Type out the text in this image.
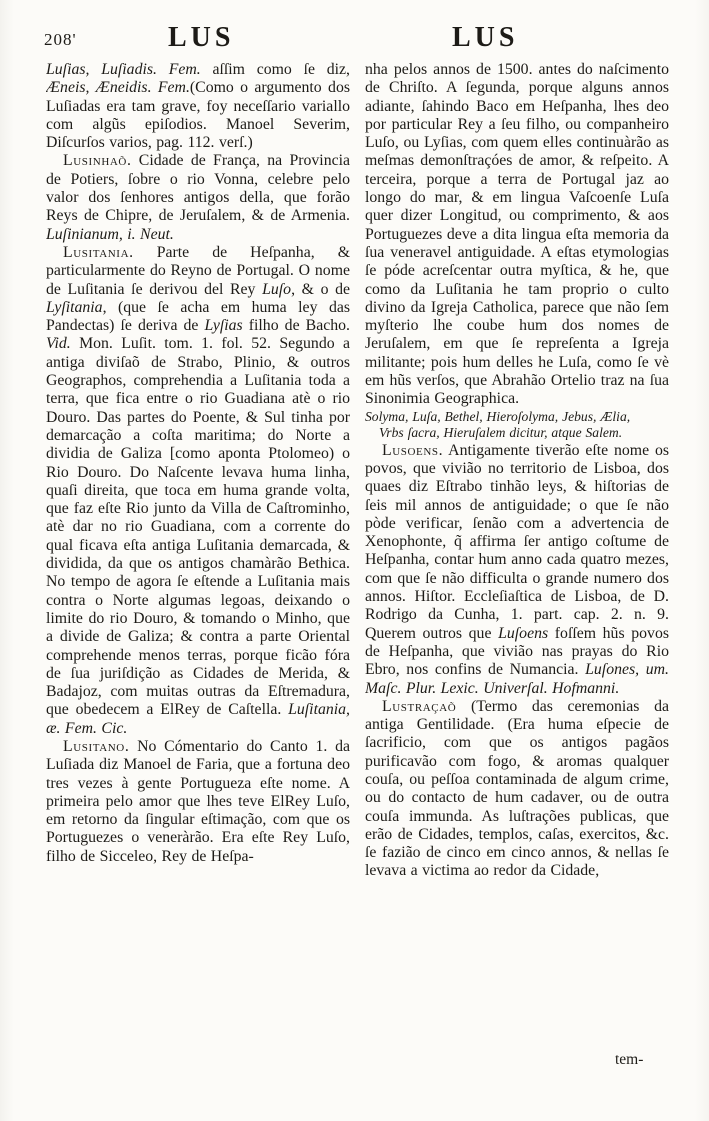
208'	LUS	LUS

Luſias, Luſiadis. Fem. aſſim como ſe diz, Æneis, Æneidis. Fem.(Como o argumento dos Luſiadas era tam grave, foy neceſſario variallo com algũs epiſodios. Manoel Severim, Diſcurſos varios, pag. 112. verſ.)

Lusinhaõ. Cidade de França, na Provincia de Potiers, ſobre o rio Vonna, celebre pelo valor dos ſenhores antigos della, que forão Reys de Chipre, de Jeruſalem, & de Armenia. Luſinianum, i. Neut.

Lusitania. Parte de Heſpanha, & particularmente do Reyno de Portugal. O nome de Luſitania ſe derivou del Rey Luſo, & o de Lyſitania, (que ſe acha em huma ley das Pandectas) ſe deriva de Lyſias filho de Bacho. Vid. Mon. Luſit. tom. 1. fol. 52. Segundo a antiga diviſaõ de Strabo, Plinio, & outros Geographos, comprehendia a Luſitania toda a terra, que fica entre o rio Guadiana atè o rio Douro. Das partes do Poente, & Sul tinha por demarcação a coſta maritima; do Norte a dividia de Galiza [como aponta Ptolomeo) o Rio Douro. Do Naſcente levava huma linha, quaſi direita, que toca em huma grande volta, que faz eſte Rio junto da Villa de Caſtrominho, atè dar no rio Guadiana, com a corrente do qual ficava eſta antiga Luſitania demarcada, & dividida, da que os antigos chamàrão Bethica. No tempo de agora ſe eſtende a Luſitania mais contra o Norte algumas legoas, deixando o limite do rio Douro, & tomando o Minho, que a divide de Galiza; & contra a parte Oriental comprehende menos terras, porque ficão fóra de ſua juriſdição as Cidades de Merida, & Badajoz, com muitas outras da Eſtremadura, que obedecem a ElRey de Caſtella. Luſitania, æ. Fem. Cic.

Lusitano. No Cómentario do Canto 1. da Luſiada diz Manoel de Faria, que a fortuna deo tres vezes à gente Portugueza eſte nome. A primeira pelo amor que lhes teve ElRey Luſo, em retorno da ſingular eſtimação, com que os Portuguezes o veneràrão. Era eſte Rey Luſo, filho de Sicceleo, Rey de Heſpa-

nha pelos annos de 1500. antes do naſcimento de Chriſto. A ſegunda, porque alguns annos adiante, ſahindo Baco em Heſpanha, lhes deo por particular Rey a ſeu filho, ou companheiro Luſo, ou Lyſias, com quem elles continuàrão as meſmas demonſtraçóes de amor, & reſpeito. A terceira, porque a terra de Portugal jaz ao longo do mar, & em lingua Vaſcoenſe Luſa quer dizer Longitud, ou comprimento, & aos Portuguezes deve a dita lingua eſta memoria da ſua veneravel antiguidade. A eſtas etymologias ſe póde acreſcentar outra myſtica, & he, que como da Luſitania he tam proprio o culto divino da Igreja Catholica, parece que não ſem myſterio lhe coube hum dos nomes de Jeruſalem, em que ſe repreſenta a Igreja militante; pois hum delles he Luſa, como ſe vè em hũs verſos, que Abrahão Ortelio traz na ſua Sinonimia Geographica.

Solyma, Luſa, Bethel, Hieroſolyma, Jebus, Ælia,
Vrbs ſacra, Hieruſalem dicitur, atque Salem.

Lusoens. Antigamente tiverão eſte nome os povos, que vivião no territorio de Lisboa, dos quaes diz Eſtrabo tinhão leys, & hiſtorias de ſeis mil annos de antiguidade; o que ſe não pòde verificar, ſenão com a advertencia de Xenophonte, q̃ affirma ſer antigo coſtume de Heſpanha, contar hum anno cada quatro mezes, com que ſe não difficulta o grande numero dos annos. Hiſtor. Eccleſiaſtica de Lisboa, de D. Rodrigo da Cunha, 1. part. cap. 2. n. 9. Querem outros que Luſoens foſſem hũs povos de Heſpanha, que vivião nas prayas do Rio Ebro, nos confins de Numancia. Luſones, um. Maſc. Plur. Lexic. Univerſal. Hofmanni.

Lustraçaõ (Termo das ceremonias da antiga Gentilidade. (Era huma eſpecie de ſacrificio, com que os antigos pagãos purificavão com fogo, & aromas qualquer couſa, ou peſſoa contaminada de algum crime, ou do contacto de hum cadaver, ou de outra couſa immunda. As luſtrações publicas, que erão de Cidades, templos, caſas, exercitos, &c. ſe fazião de cinco em cinco annos, & nellas ſe levava a victima ao redor da Cidade,

tem-
